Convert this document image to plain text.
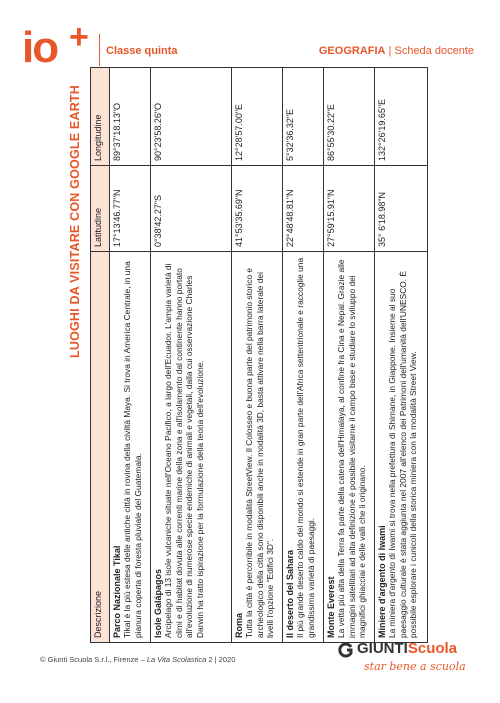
io + Classe quinta	GEOGRAFIA | Scheda docente
LUOGHI DA VISITARE CON GOOGLE EARTH
Descrizione	Latitudine	Longitudine

Parco Nazionale Tikal Tikal è la più estesa delle antiche città in rovina della civiltà Maya. Si trova in America Centrale, in una pianura coperta di foresta pluviale del Guatemala.	17°13'46.77"N	89°37'18.13"O

Isole Galápagos Arcipelago di 13 isole vulcaniche situate nell'Oceano Pacifico, a largo dell'Ecuador. L'ampia varietà di climi e di habitat dovuta alle correnti marine della zona e all'isolamento dal continente hanno portato all'evoluzione di numerose specie endemiche di animali e vegetali, dalla cui osservazione Charles Darwin ha tratto ispirazione per la formulazione della teoria dell'evoluzione.	0°38'42.27"S	90°23'58.26"O

Roma Tutta la città è percorribile in modalità StreetView. Il Colosseo e buona parte del patrimonio storico e archeologico della città sono disponibili anche in modalità 3D, basta attivare nella barra laterale dei livelli l'opzione "Edifici 3D".	41°53'35.69"N	12°28'57.00"E

Il deserto del Sahara Il più grande deserto caldo del mondo si estende in gran parte dell'Africa settentrionale e raccoglie una grandissima varietà di paesaggi.	22°48'48.81"N	5°32'36.32"E

Monte Everest La vetta più alta della Terra fa parte della catena dell'Himalaya, al confine fra Cina e Nepal. Grazie alle immagini satellitari ad alta definizione è possibile visitarne il campo base e studiare lo sviluppo dei magnifici ghiacciai e delle valli che li originano.	27°59'15.91"N	86°55'30.22"E

Miniere d'argento di Iwami La miniera d'argento di Iwami si trova nella prefettura di Shimane, in Giappone. Insieme al suo paesaggio culturale è stata aggiunta nel 2007 all'elenco dei Patrimoni dell'umanità dell'UNESCO. È possibile esplorare i cunicoli della storica miniera con la modalità Street View.	35° 6'18.98"N	132°26'19.65"E
© Giunti Scuola S.r.l., Firenze – La Vita Scolastica 2 | 2020
GIUNTIScuola
star bene a scuola
